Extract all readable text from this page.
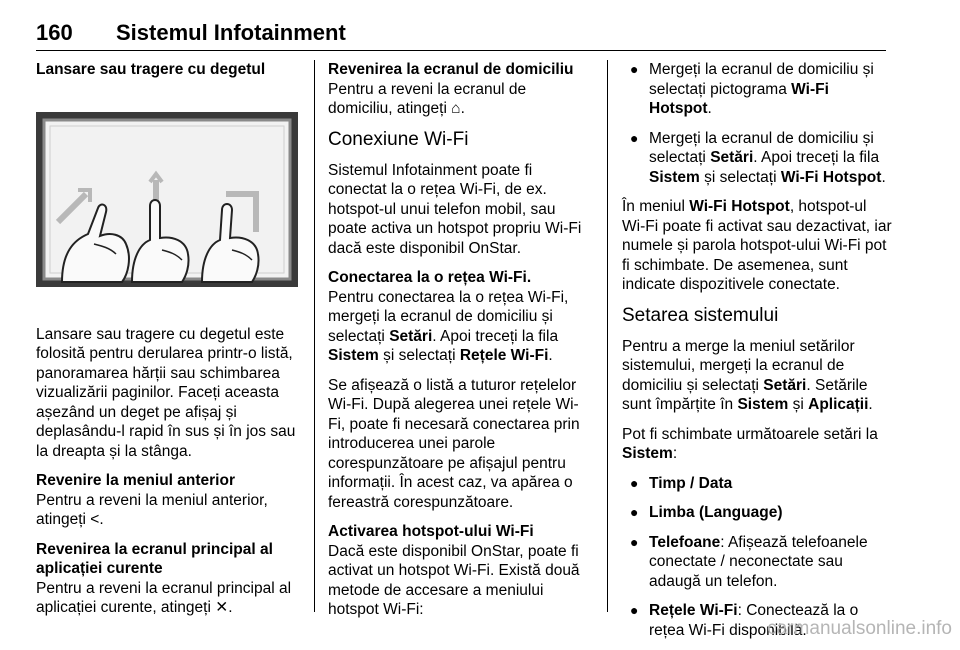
160 Sistemul Infotainment
Lansare sau tragere cu degetul

Lansare sau tragere cu degetul este folosită pentru derularea printr-o listă, panoramarea hărții sau schimbarea vizualizării paginilor. Faceți aceasta așezând un deget pe afișaj și deplasându-l rapid în sus și în jos sau la dreapta și la stânga.

Revenire la meniul anterior

Pentru a reveni la meniul anterior, atingeți <.

Revenirea la ecranul principal al aplicației curente

Pentru a reveni la ecranul principal al aplicației curente, atingeți ✕.

Revenirea la ecranul de domiciliu

Pentru a reveni la ecranul de domiciliu, atingeți ⌂.

Conexiune Wi-Fi

Sistemul Infotainment poate fi conectat la o rețea Wi-Fi, de ex. hotspot-ul unui telefon mobil, sau poate activa un hotspot propriu Wi-Fi dacă este disponibil OnStar.

Conectarea la o rețea Wi-Fi.

Pentru conectarea la o rețea Wi-Fi, mergeți la ecranul de domiciliu și selectați Setări. Apoi treceți la fila Sistem și selectați Rețele Wi-Fi.

Se afișează o listă a tuturor rețelelor Wi-Fi. După alegerea unei rețele Wi-Fi, poate fi necesară conectarea prin introducerea unei parole corespunzătoare pe afișajul pentru informații. În acest caz, va apărea o fereastră corespunzătoare.

Activarea hotspot-ului Wi-Fi

Dacă este disponibil OnStar, poate fi activat un hotspot Wi-Fi. Există două metode de accesare a meniului hotspot Wi-Fi:

● Mergeți la ecranul de domiciliu și selectați pictograma Wi-Fi Hotspot.
● Mergeți la ecranul de domiciliu și selectați Setări. Apoi treceți la fila Sistem și selectați Wi-Fi Hotspot.

În meniul Wi-Fi Hotspot, hotspot-ul Wi-Fi poate fi activat sau dezactivat, iar numele și parola hotspot-ului Wi-Fi pot fi schimbate. De asemenea, sunt indicate dispozitivele conectate.

Setarea sistemului

Pentru a merge la meniul setărilor sistemului, mergeți la ecranul de domiciliu și selectați Setări. Setările sunt împărțite în Sistem și Aplicații.

Pot fi schimbate următoarele setări la Sistem:

● Timp / Data
● Limba (Language)
● Telefoane: Afișează telefoanele conectate / neconectate sau adaugă un telefon.
● Rețele Wi-Fi: Conectează la o rețea Wi-Fi disponibilă.
carmanualsonline.info
